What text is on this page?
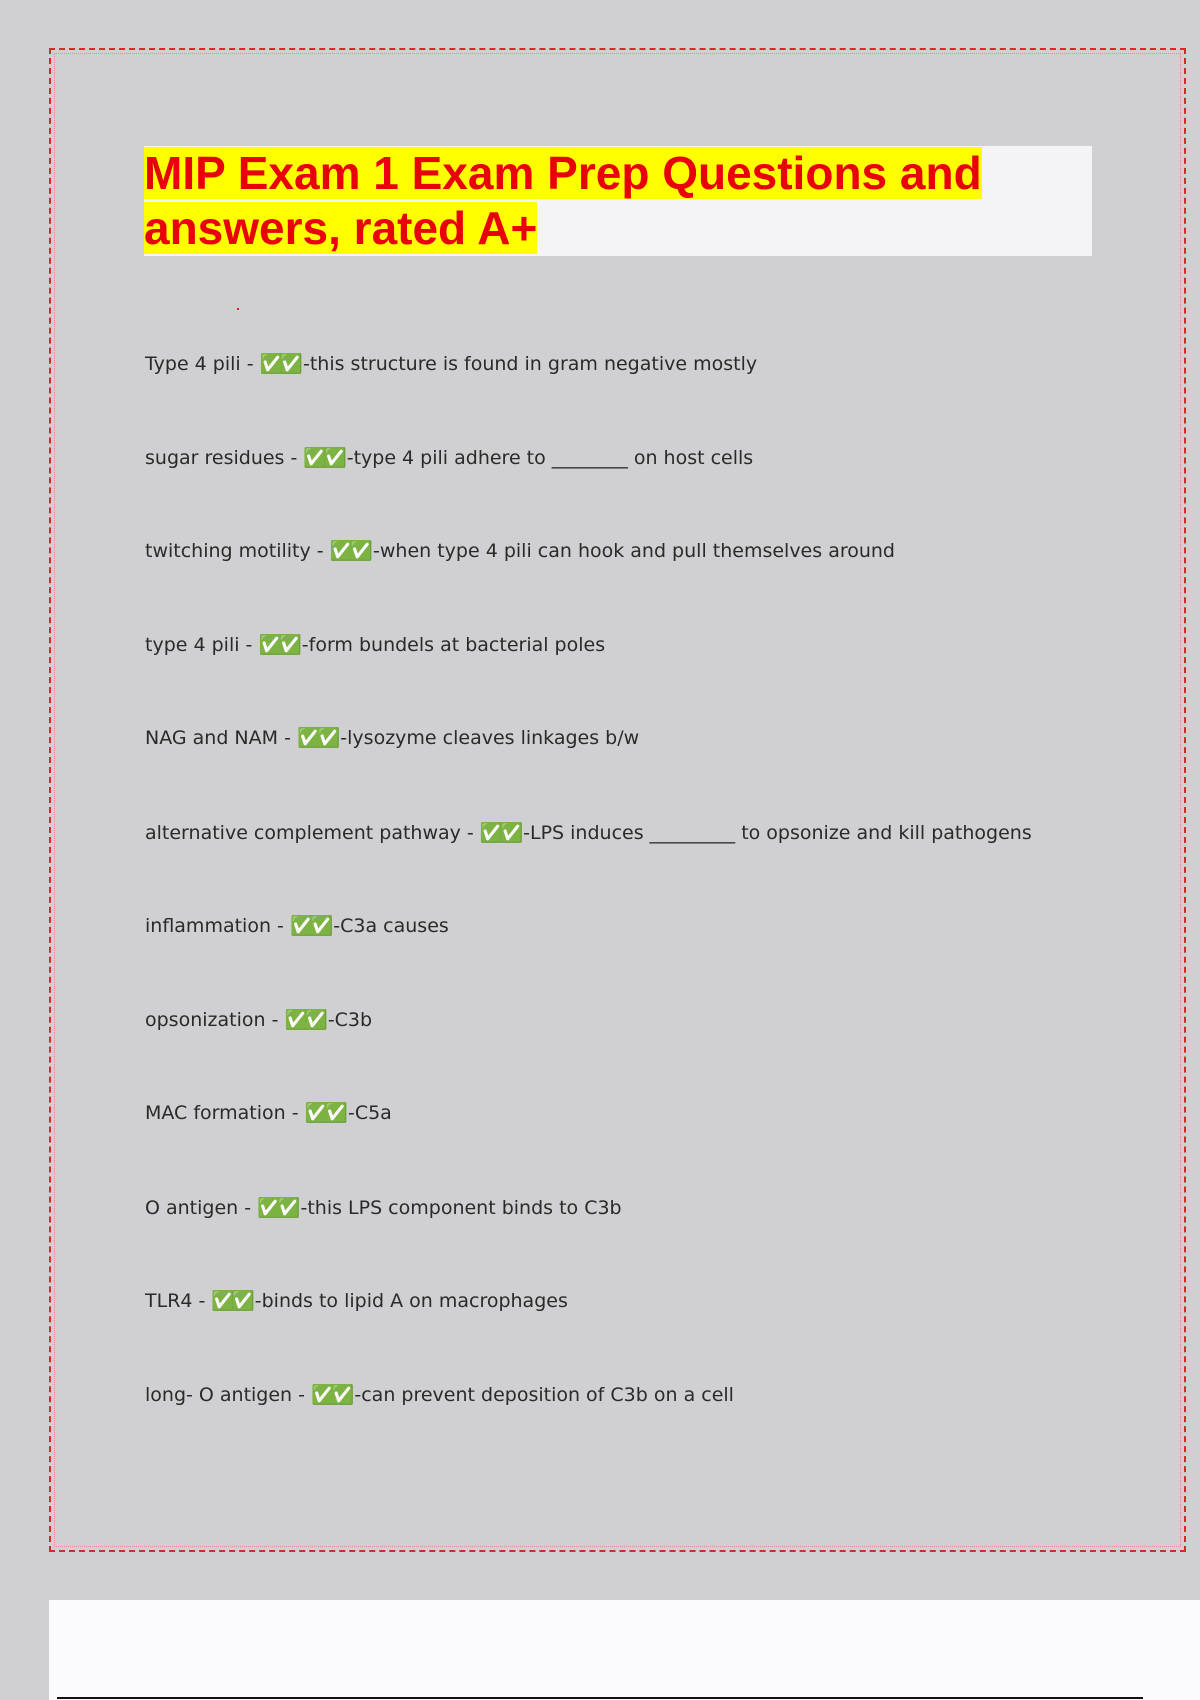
MIP Exam 1 Exam Prep Questions and answers, rated A+

Type 4 pili - ✅✅ -this structure is found in gram negative mostly

sugar residues - ✅✅ -type 4 pili adhere to ________ on host cells

twitching motility - ✅✅ -when type 4 pili can hook and pull themselves around

type 4 pili - ✅✅ -form bundels at bacterial poles

NAG and NAM - ✅✅ -lysozyme cleaves linkages b/w

alternative complement pathway - ✅✅ -LPS induces _________ to opsonize and kill pathogens

inflammation - ✅✅ -C3a causes

opsonization - ✅✅ -C3b

MAC formation - ✅✅ -C5a

O antigen - ✅✅ -this LPS component binds to C3b

TLR4 - ✅✅ -binds to lipid A on macrophages

long- O antigen - ✅✅ -can prevent deposition of C3b on a cell
